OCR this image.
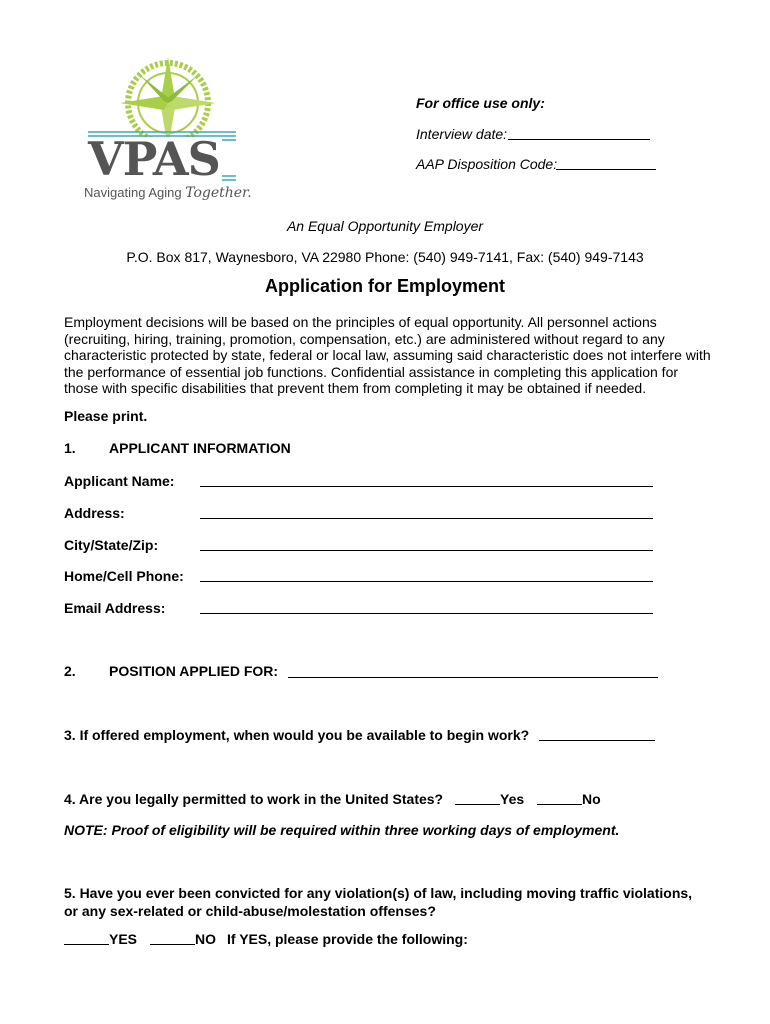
VPAS
Navigating Aging Together.
For office use only:
Interview date:
AAP Disposition Code:
An Equal Opportunity Employer
P.O. Box 817, Waynesboro, VA 22980 Phone: (540) 949-7141, Fax: (540) 949-7143
Application for Employment
Employment decisions will be based on the principles of equal opportunity. All personnel actions (recruiting, hiring, training, promotion, compensation, etc.) are administered without regard to any characteristic protected by state, federal or local law, assuming said characteristic does not interfere with the performance of essential job functions. Confidential assistance in completing this application for those with specific disabilities that prevent them from completing it may be obtained if needed.
Please print.
1. APPLICANT INFORMATION
Applicant Name:
Address:
City/State/Zip:
Home/Cell Phone:
Email Address:
2. POSITION APPLIED FOR:
3. If offered employment, when would you be available to begin work?
4. Are you legally permitted to work in the United States?	Yes	No
NOTE: Proof of eligibility will be required within three working days of employment.
5. Have you ever been convicted for any violation(s) of law, including moving traffic violations,
or any sex-related or child-abuse/molestation offenses?
YES	NO If YES, please provide the following:
